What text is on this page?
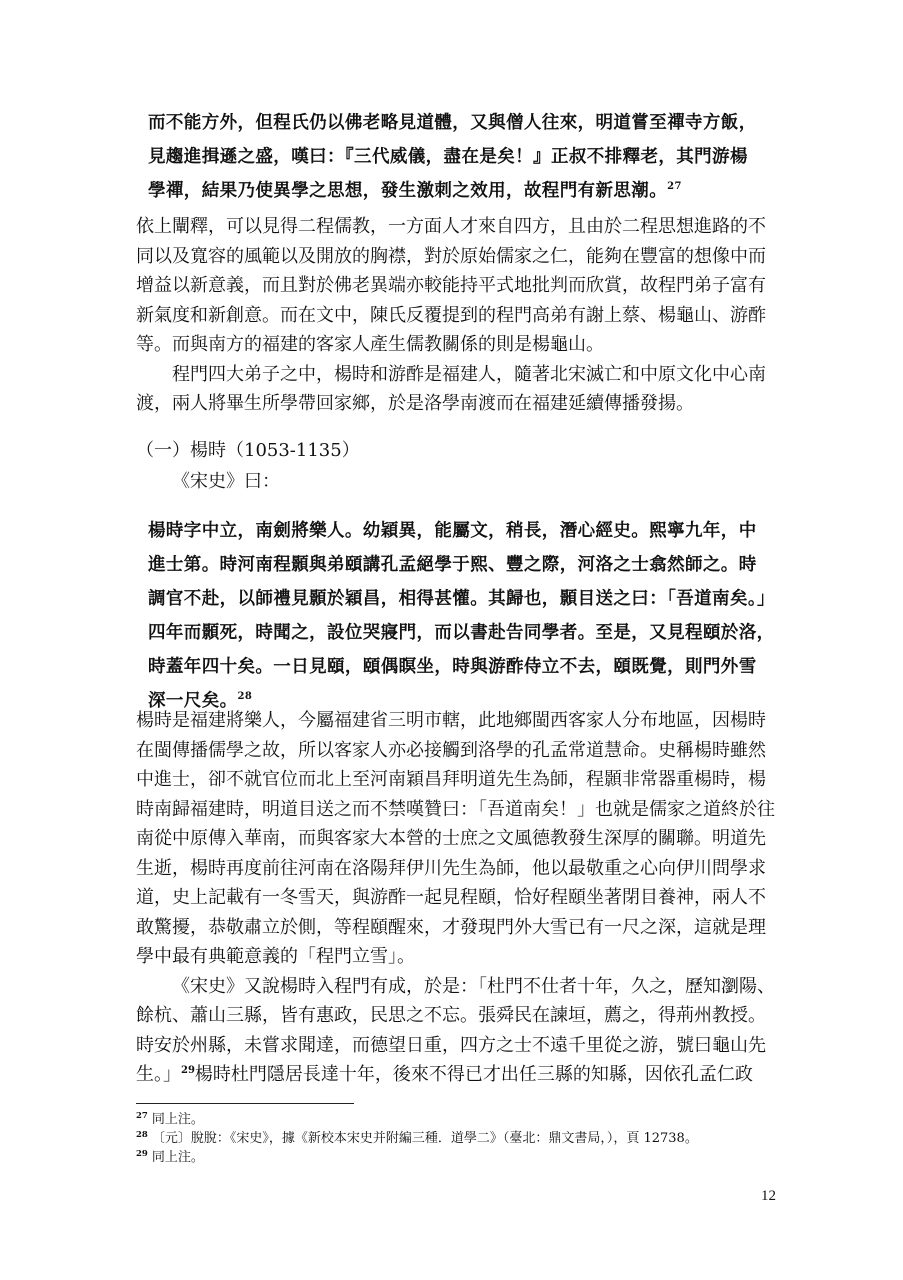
而不能方外，但程氏仍以佛老略見道體，又與僧人往來，明道嘗至禪寺方飯，

見趨進揖遜之盛，嘆曰：『三代威儀，盡在是矣！』正叔不排釋老，其門游楊

學禪，結果乃使異學之思想，發生激刺之效用，故程門有新思潮。$^{27}$

依上闡釋，可以見得二程儒教，一方面人才來自四方，且由於二程思想進路的不同以及寬容的風範以及開放的胸襟，對於原始儒家之仁，能夠在豐富的想像中而增益以新意義，而且對於佛老異端亦較能持平式地批判而欣賞，故程門弟子富有新氣度和新創意。而在文中，陳氏反覆提到的程門高弟有謝上蔡、楊龜山、游酢等。而與南方的福建的客家人產生儒教關係的則是楊龜山。

程門四大弟子之中，楊時和游酢是福建人，隨著北宋滅亡和中原文化中心南渡，兩人將畢生所學帶回家鄉，於是洛學南渡而在福建延續傳播發揚。

（一）楊時（1053-1135）
《宋史》曰：

楊時字中立，南劍將樂人。幼穎異，能屬文，稍長，潛心經史。熙寧九年，中

進士第。時河南程顥與弟頤講孔孟絕學于熙、豐之際，河洛之士翕然師之。時

調官不赴，以師禮見顥於穎昌，相得甚懽。其歸也，顥目送之曰：「吾道南矣。」

四年而顥死，時聞之，設位哭寢門，而以書赴告同學者。至是，又見程頤於洛，

時蓋年四十矣。一日見頤，頤偶瞑坐，時與游酢侍立不去，頤既覺，則門外雪

深一尺矣。$^{28}$

楊時是福建將樂人，今屬福建省三明市轄，此地鄉閩西客家人分布地區，因楊時在閩傳播儒學之故，所以客家人亦必接觸到洛學的孔孟常道慧命。史稱楊時雖然中進士，卻不就官位而北上至河南穎昌拜明道先生為師，程顥非常器重楊時，楊時南歸福建時，明道目送之而不禁嘆贊曰：「吾道南矣！」也就是儒家之道終於往南從中原傳入華南，而與客家大本營的士庶之文風德教發生深厚的關聯。明道先生逝，楊時再度前往河南在洛陽拜伊川先生為師，他以最敬重之心向伊川問學求道，史上記載有一冬雪天，與游酢一起見程頤，恰好程頤坐著閉目養神，兩人不敢驚擾，恭敬肅立於側，等程頤醒來，才發現門外大雪已有一尺之深，這就是理學中最有典範意義的「程門立雪」。

《宋史》又說楊時入程門有成，於是：「杜門不仕者十年，久之，歷知瀏陽、餘杭、蕭山三縣，皆有惠政，民思之不忘。張舜民在諫垣，薦之，得荊州教授。時安於州縣，未嘗求聞達，而德望日重，四方之士不遠千里從之游，號曰龜山先生。」$^{29}$楊時杜門隱居長達十年，後來不得已才出任三縣的知縣，因依孔孟仁政

$^{27}$ 同上注。

$^{28}$ 〔元〕脫脫：《宋史》，據《新校本宋史并附編三種．道學二》（臺北：鼎文書局，），頁 12738。

$^{29}$ 同上注。

12
